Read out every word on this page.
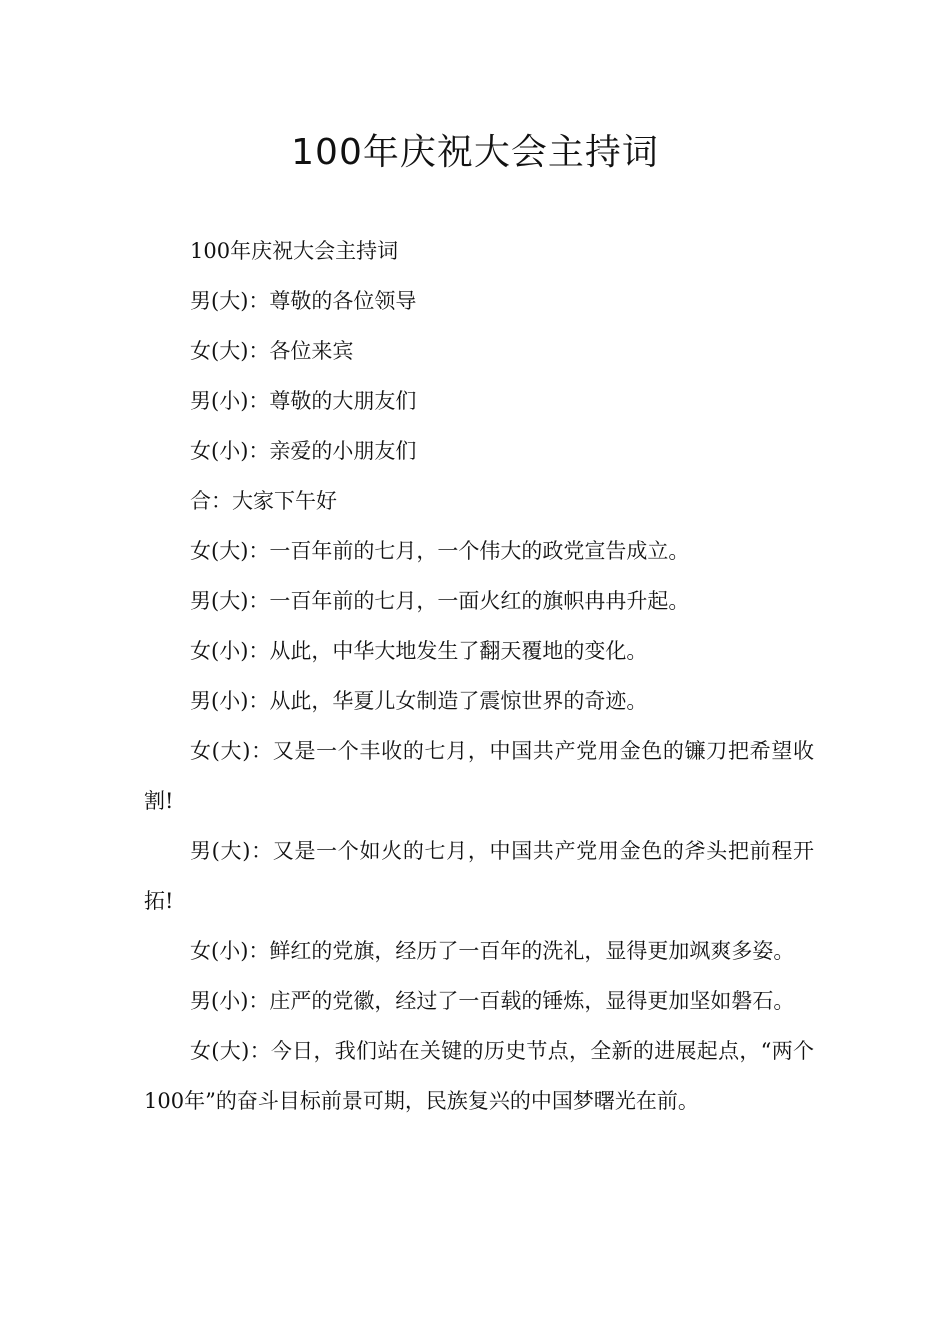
100年庆祝大会主持词

100年庆祝大会主持词

男(大)：尊敬的各位领导

女(大)：各位来宾

男(小)：尊敬的大朋友们

女(小)：亲爱的小朋友们

合：大家下午好

女(大)：一百年前的七月，一个伟大的政党宣告成立。

男(大)：一百年前的七月，一面火红的旗帜冉冉升起。

女(小)：从此，中华大地发生了翻天覆地的变化。

男(小)：从此，华夏儿女制造了震惊世界的奇迹。

女(大)：又是一个丰收的七月，中国共产党用金色的镰刀把希望收割!

男(大)：又是一个如火的七月，中国共产党用金色的斧头把前程开拓!

女(小)：鲜红的党旗，经历了一百年的洗礼，显得更加飒爽多姿。

男(小)：庄严的党徽，经过了一百载的锤炼，显得更加坚如磐石。

女(大)：今日，我们站在关键的历史节点，全新的进展起点，“两个100年”的奋斗目标前景可期，民族复兴的中国梦曙光在前。
